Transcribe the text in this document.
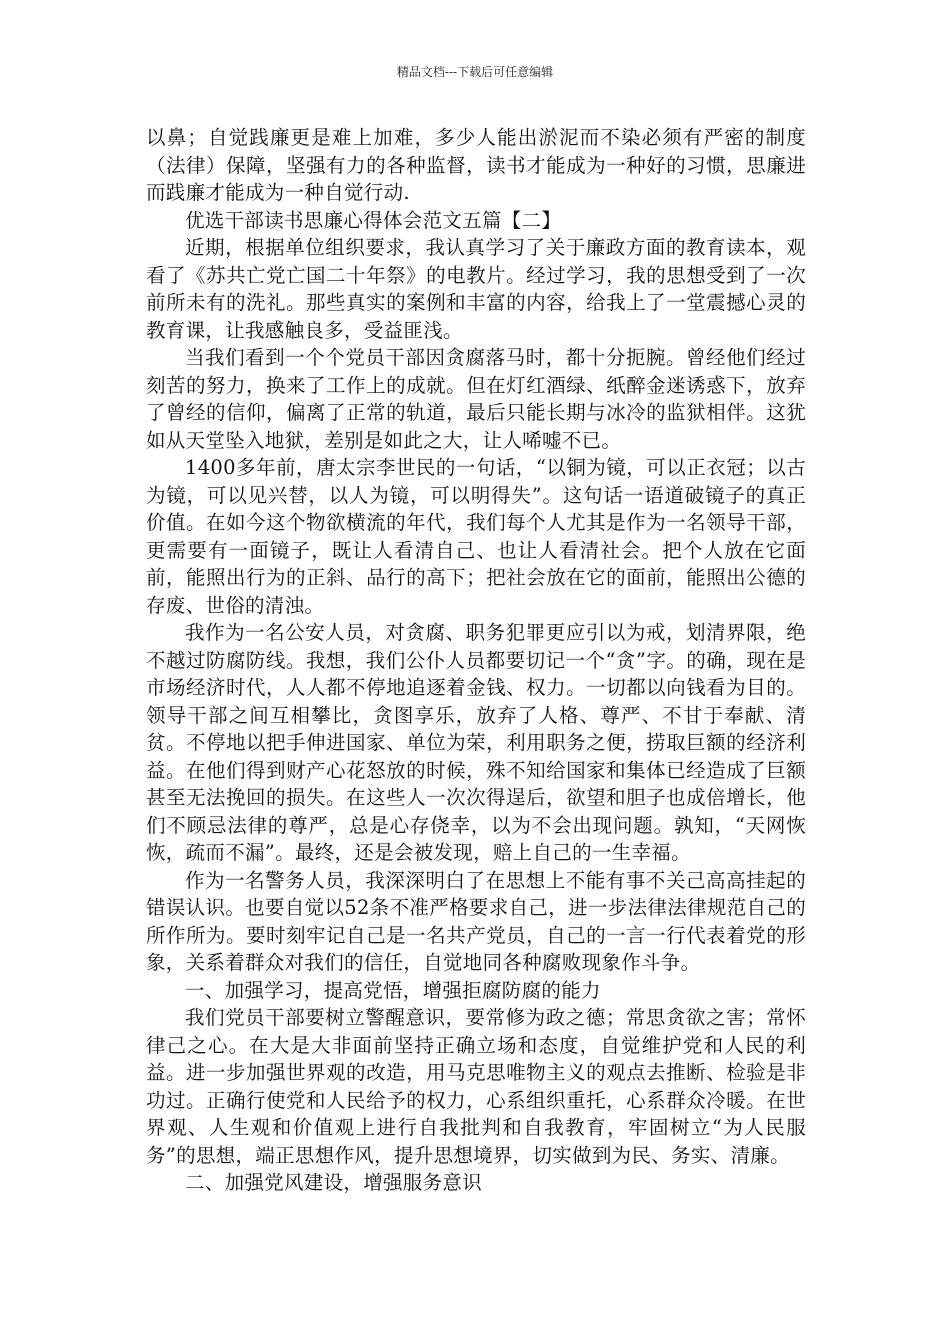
精品文档---下载后可任意编辑

以鼻；自觉践廉更是难上加难，多少人能出淤泥而不染必须有严密的制度（法律）保障，坚强有力的各种监督，读书才能成为一种好的习惯，思廉进而践廉才能成为一种自觉行动.

优选干部读书思廉心得体会范文五篇【二】

近期，根据单位组织要求，我认真学习了关于廉政方面的教育读本，观看了《苏共亡党亡国二十年祭》的电教片。经过学习，我的思想受到了一次前所未有的洗礼。那些真实的案例和丰富的内容，给我上了一堂震撼心灵的教育课，让我感触良多，受益匪浅。

当我们看到一个个党员干部因贪腐落马时，都十分扼腕。曾经他们经过刻苦的努力，换来了工作上的成就。但在灯红酒绿、纸醉金迷诱惑下，放弃了曾经的信仰，偏离了正常的轨道，最后只能长期与冰冷的监狱相伴。这犹如从天堂坠入地狱，差别是如此之大，让人唏嘘不已。

1400多年前，唐太宗李世民的一句话，“以铜为镜，可以正衣冠；以古为镜，可以见兴替，以人为镜，可以明得失”。这句话一语道破镜子的真正价值。在如今这个物欲横流的年代，我们每个人尤其是作为一名领导干部，更需要有一面镜子，既让人看清自己、也让人看清社会。把个人放在它面前，能照出行为的正斜、品行的高下；把社会放在它的面前，能照出公德的存废、世俗的清浊。

我作为一名公安人员，对贪腐、职务犯罪更应引以为戒，划清界限，绝不越过防腐防线。我想，我们公仆人员都要切记一个“贪”字。的确，现在是市场经济时代，人人都不停地追逐着金钱、权力。一切都以向钱看为目的。领导干部之间互相攀比，贪图享乐，放弃了人格、尊严、不甘于奉献、清贫。不停地以把手伸进国家、单位为荣，利用职务之便，捞取巨额的经济利益。在他们得到财产心花怒放的时候，殊不知给国家和集体已经造成了巨额甚至无法挽回的损失。在这些人一次次得逞后，欲望和胆子也成倍增长，他们不顾忌法律的尊严，总是心存侥幸，以为不会出现问题。孰知，“天网恢恢，疏而不漏”。最终，还是会被发现，赔上自己的一生幸福。

作为一名警务人员，我深深明白了在思想上不能有事不关己高高挂起的错误认识。也要自觉以52条不准严格要求自己，进一步法律法律规范自己的所作所为。要时刻牢记自己是一名共产党员，自己的一言一行代表着党的形象，关系着群众对我们的信任，自觉地同各种腐败现象作斗争。

一、加强学习，提高党悟，增强拒腐防腐的能力

我们党员干部要树立警醒意识，要常修为政之德；常思贪欲之害；常怀律己之心。在大是大非面前坚持正确立场和态度，自觉维护党和人民的利益。进一步加强世界观的改造，用马克思唯物主义的观点去推断、检验是非功过。正确行使党和人民给予的权力，心系组织重托，心系群众冷暖。在世界观、人生观和价值观上进行自我批判和自我教育，牢固树立“为人民服务”的思想，端正思想作风，提升思想境界，切实做到为民、务实、清廉。

二、加强党风建设，增强服务意识
